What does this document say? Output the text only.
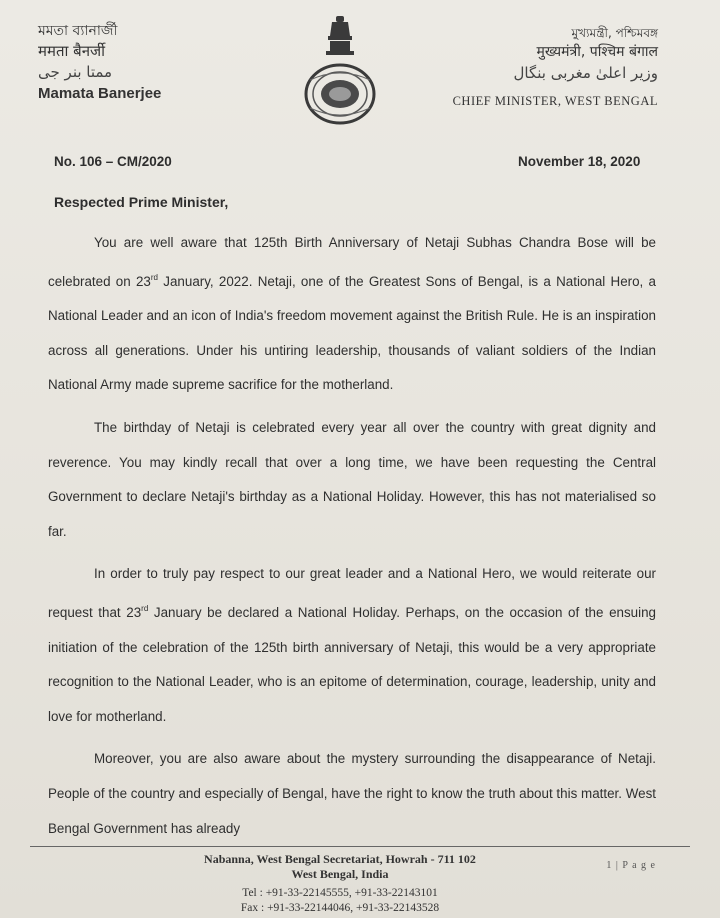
মমতা ব্যানার্জী
ममता बैनर्जी
ممتا بنر جی
Mamata Banerjee
মুখ্যমন্ত্রী, পশ্চিমবঙ্গ
मुख्यमंत्री, पश्चिम बंगाल
وزیر اعلیٰ مغربی بنگال
CHIEF MINISTER, WEST BENGAL
No. 106 – CM/2020	November 18, 2020
Respected Prime Minister,

You are well aware that 125th Birth Anniversary of Netaji Subhas Chandra Bose will be celebrated on 23rd January, 2022. Netaji, one of the Greatest Sons of Bengal, is a National Hero, a National Leader and an icon of India's freedom movement against the British Rule. He is an inspiration across all generations. Under his untiring leadership, thousands of valiant soldiers of the Indian National Army made supreme sacrifice for the motherland.

The birthday of Netaji is celebrated every year all over the country with great dignity and reverence. You may kindly recall that over a long time, we have been requesting the Central Government to declare Netaji's birthday as a National Holiday. However, this has not materialised so far.

In order to truly pay respect to our great leader and a National Hero, we would reiterate our request that 23rd January be declared a National Holiday. Perhaps, on the occasion of the ensuing initiation of the celebration of the 125th birth anniversary of Netaji, this would be a very appropriate recognition to the National Leader, who is an epitome of determination, courage, leadership, unity and love for motherland.

Moreover, you are also aware about the mystery surrounding the disappearance of Netaji. People of the country and especially of Bengal, have the right to know the truth about this matter. West Bengal Government has already

Nabanna, West Bengal Secretariat, Howrah - 711 102
West Bengal, India
Tel : +91-33-22145555, +91-33-22143101
Fax : +91-33-22144046, +91-33-22143528
1 | P a g e
